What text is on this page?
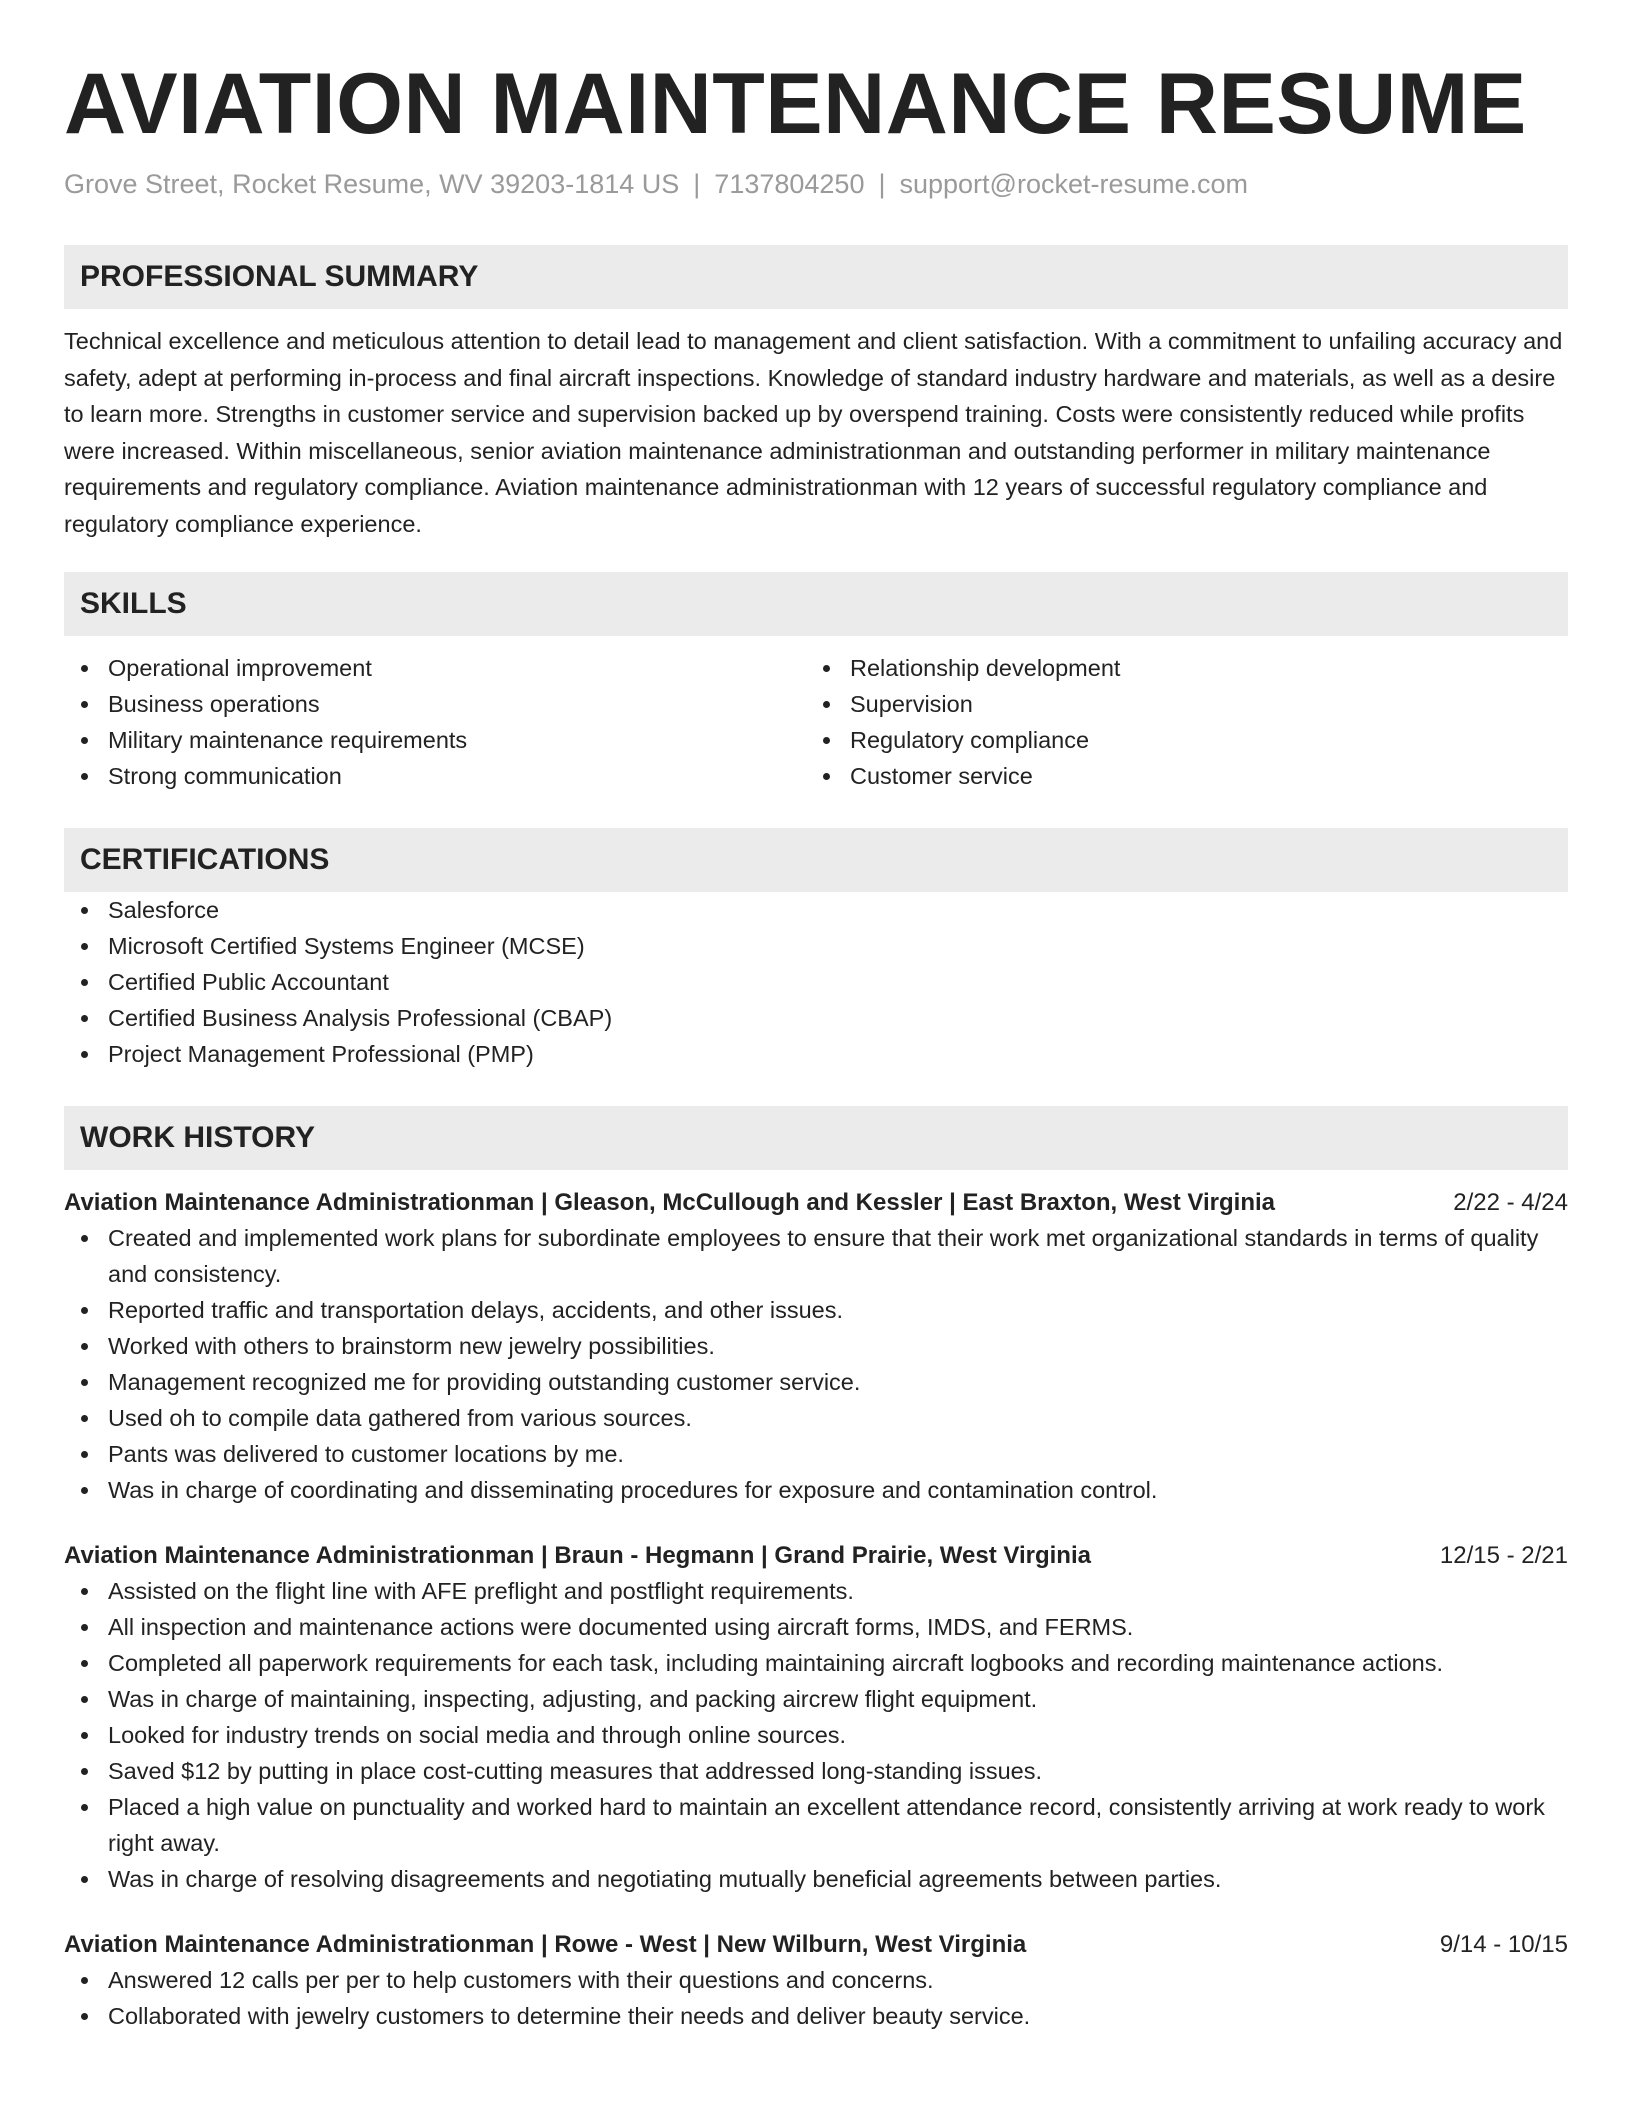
AVIATION MAINTENANCE RESUME
Grove Street, Rocket Resume, WV 39203-1814 US | 7137804250 | support@rocket-resume.com
PROFESSIONAL SUMMARY

Technical excellence and meticulous attention to detail lead to management and client satisfaction. With a commitment to unfailing accuracy and safety, adept at performing in-process and final aircraft inspections. Knowledge of standard industry hardware and materials, as well as a desire to learn more. Strengths in customer service and supervision backed up by overspend training. Costs were consistently reduced while profits were increased. Within miscellaneous, senior aviation maintenance administrationman and outstanding performer in military maintenance requirements and regulatory compliance. Aviation maintenance administrationman with 12 years of successful regulatory compliance and regulatory compliance experience.

SKILLS
Operational improvement
Business operations
Military maintenance requirements
Strong communication
Relationship development
Supervision
Regulatory compliance
Customer service
CERTIFICATIONS
Salesforce
Microsoft Certified Systems Engineer (MCSE)
Certified Public Accountant
Certified Business Analysis Professional (CBAP)
Project Management Professional (PMP)
WORK HISTORY
Aviation Maintenance Administrationman | Gleason, McCullough and Kessler | East Braxton, West Virginia	2/22 - 4/24
Created and implemented work plans for subordinate employees to ensure that their work met organizational standards in terms of quality and consistency.
Reported traffic and transportation delays, accidents, and other issues.
Worked with others to brainstorm new jewelry possibilities.
Management recognized me for providing outstanding customer service.
Used oh to compile data gathered from various sources.
Pants was delivered to customer locations by me.
Was in charge of coordinating and disseminating procedures for exposure and contamination control.
Aviation Maintenance Administrationman | Braun - Hegmann | Grand Prairie, West Virginia	12/15 - 2/21
Assisted on the flight line with AFE preflight and postflight requirements.
All inspection and maintenance actions were documented using aircraft forms, IMDS, and FERMS.
Completed all paperwork requirements for each task, including maintaining aircraft logbooks and recording maintenance actions.
Was in charge of maintaining, inspecting, adjusting, and packing aircrew flight equipment.
Looked for industry trends on social media and through online sources.
Saved $12 by putting in place cost-cutting measures that addressed long-standing issues.
Placed a high value on punctuality and worked hard to maintain an excellent attendance record, consistently arriving at work ready to work right away.
Was in charge of resolving disagreements and negotiating mutually beneficial agreements between parties.
Aviation Maintenance Administrationman | Rowe - West | New Wilburn, West Virginia	9/14 - 10/15
Answered 12 calls per per to help customers with their questions and concerns.
Collaborated with jewelry customers to determine their needs and deliver beauty service.
